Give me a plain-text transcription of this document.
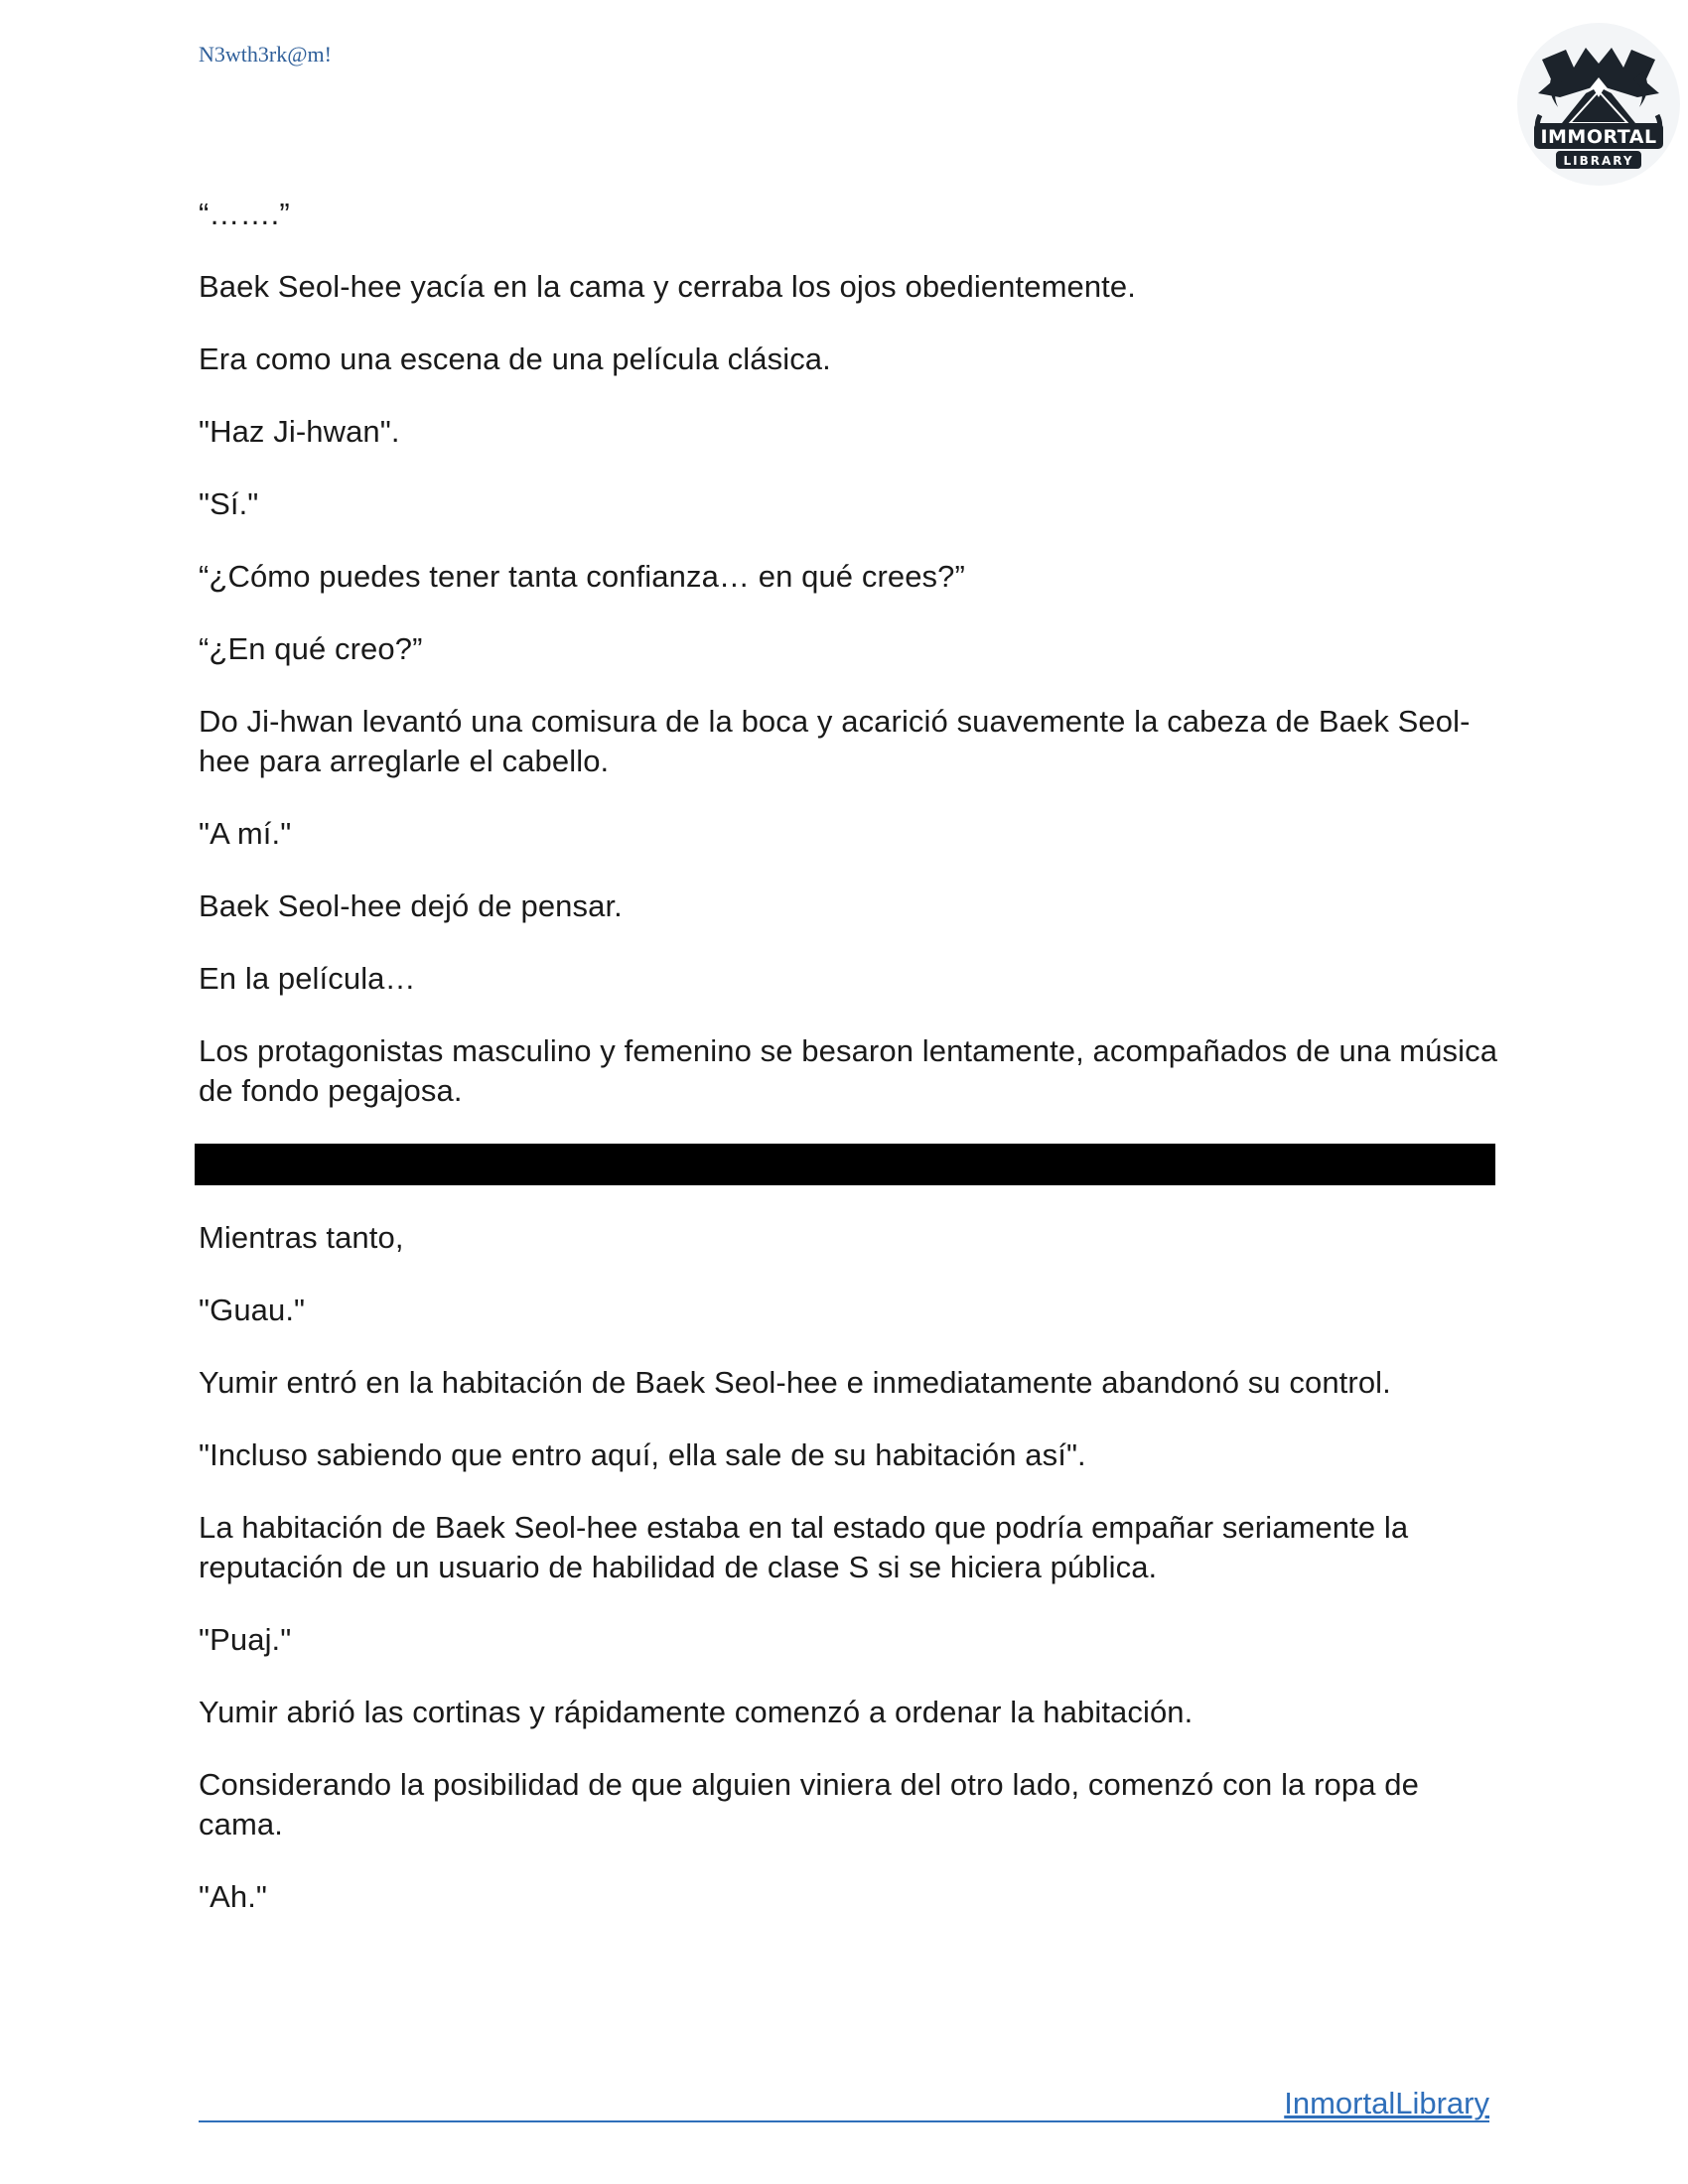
N3wth3rk@m!
IMMORTAL
LIBRARY

“…….”

Baek Seol-hee yacía en la cama y cerraba los ojos obedientemente.

Era como una escena de una película clásica.

"Haz Ji-hwan".

"Sí."

“¿Cómo puedes tener tanta confianza… en qué crees?”

“¿En qué creo?”

Do Ji-hwan levantó una comisura de la boca y acarició suavemente la cabeza de Baek Seol-hee para arreglarle el cabello.

"A mí."

Baek Seol-hee dejó de pensar.

En la película…

Los protagonistas masculino y femenino se besaron lentamente, acompañados de una música de fondo pegajosa.

Mientras tanto,

"Guau."

Yumir entró en la habitación de Baek Seol-hee e inmediatamente abandonó su control.

"Incluso sabiendo que entro aquí, ella sale de su habitación así".

La habitación de Baek Seol-hee estaba en tal estado que podría empañar seriamente la reputación de un usuario de habilidad de clase S si se hiciera pública.

"Puaj."

Yumir abrió las cortinas y rápidamente comenzó a ordenar la habitación.

Considerando la posibilidad de que alguien viniera del otro lado, comenzó con la ropa de cama.

"Ah."

InmortalLibrary
